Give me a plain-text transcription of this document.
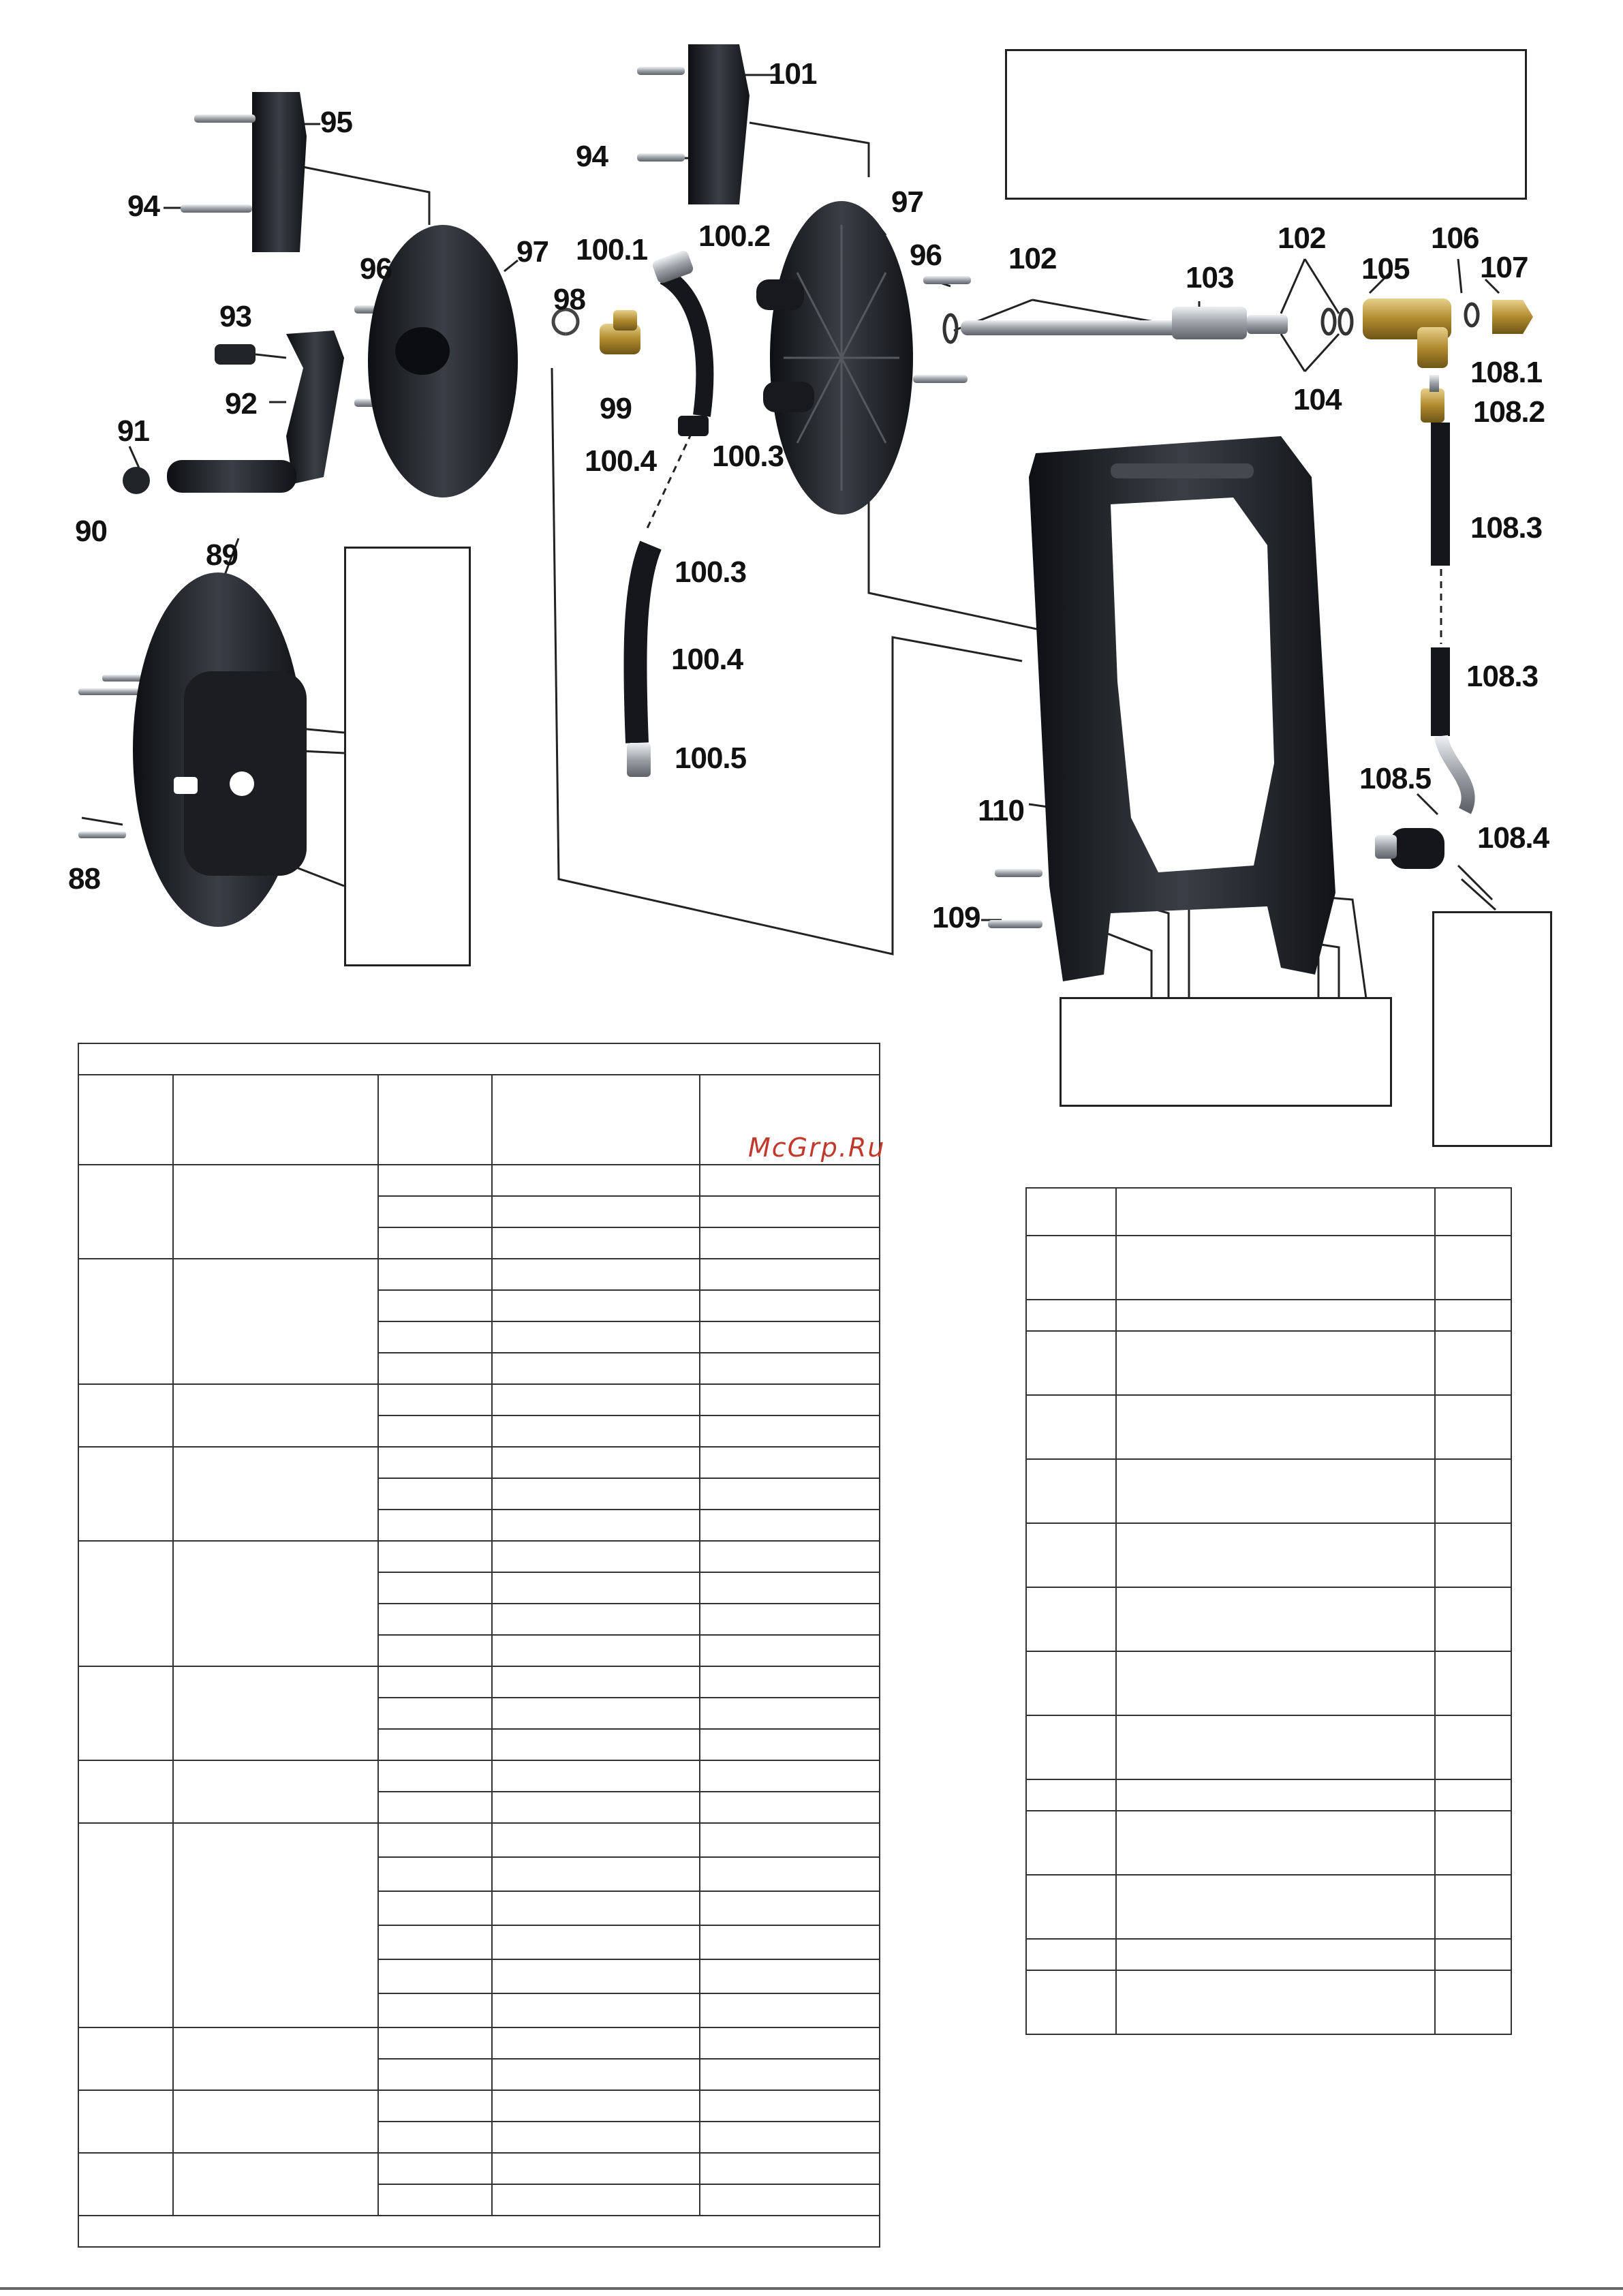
101
95
94
94	97
97	96
96
93
92
91
90
98
99
100.1 100.2
100.3
100.4
100.3
100.4
100.5
102
102
103	105
104
106
107
108.1
108.2
108.3
108.3
108.5
108.4
89
88
110
109

McGrp.Ru
